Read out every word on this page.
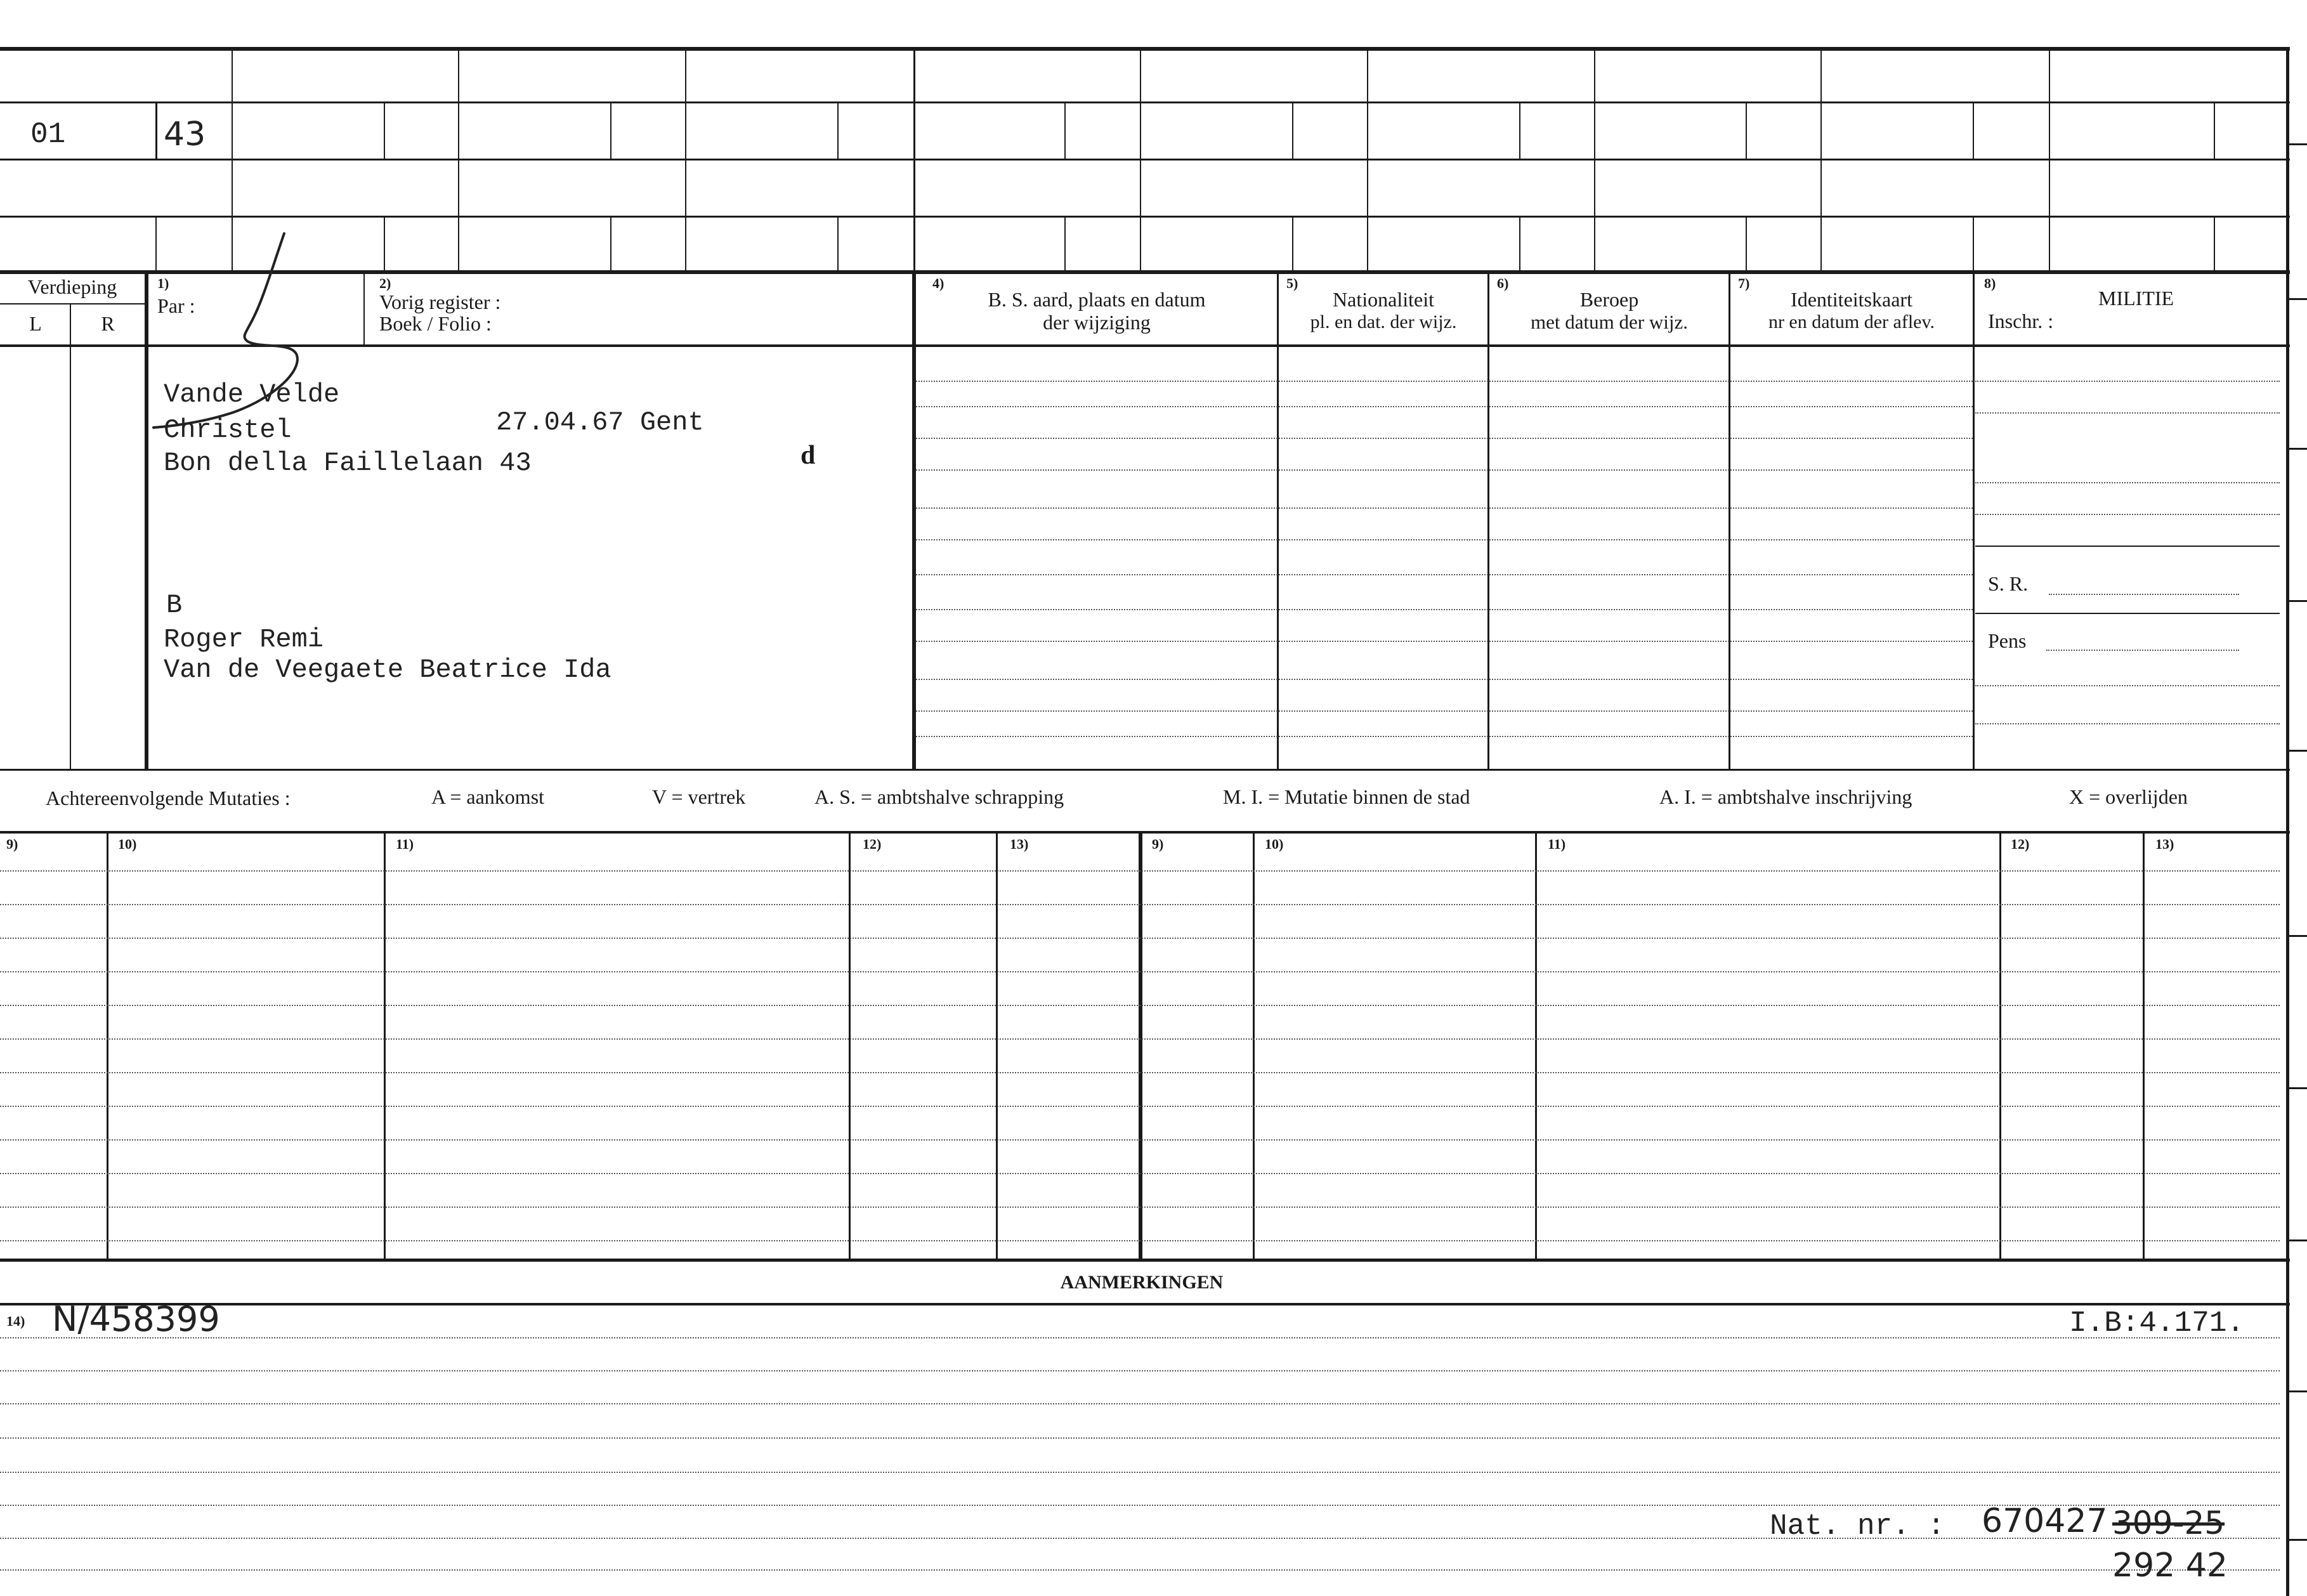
01	43
Verdieping
L	R
1)
Par :
2)
Vorig register :
Boek / Folio :
4)
B. S. aard, plaats en datum
der wijziging
5)
Nationaliteit
pl. en dat. der wijz.
6)
Beroep
met datum der wijz.
7)
Identiteitskaart
nr en datum der aflev.
8)
MILITIE
Inschr. :
Vande Velde
Christel	27.04.67 Gent
Bon della Faillelaan 43	d
B
Roger Remi
Van de Veegaete Beatrice Ida
S. R.
Pens
Achtereenvolgende Mutaties :	A = aankomst	V = vertrek	A. S. = ambtshalve schrapping	M. I. = Mutatie binnen de stad	A. I. = ambtshalve inschrijving	X = overlijden
9)	10)	11)	12)	13)	9)	10)	11)	12)	13)
AANMERKINGEN
14) N/458399	I.B:4.171.
Nat. nr. : 670427 309-25
292 42
